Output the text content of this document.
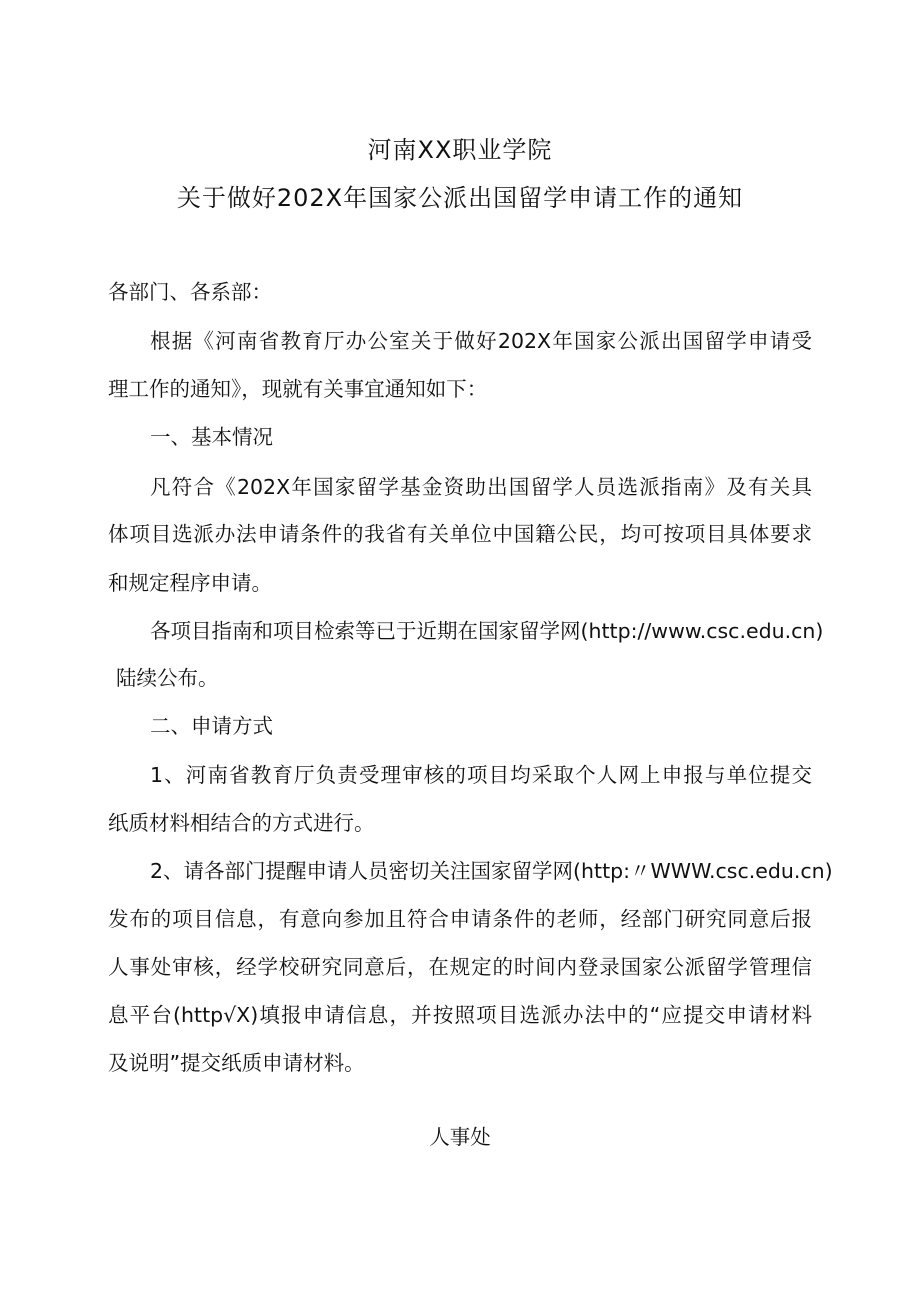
河南XX职业学院
关于做好202X年国家公派出国留学申请工作的通知
各部门、各系部：
根据《河南省教育厅办公室关于做好202X年国家公派出国留学申请受
理工作的通知》，现就有关事宜通知如下：
一、基本情况
凡符合《202X年国家留学基金资助出国留学人员选派指南》及有关具
体项目选派办法申请条件的我省有关单位中国籍公民，均可按项目具体要求
和规定程序申请。
各项目指南和项目检索等已于近期在国家留学网(http://www.csc.edu.cn)
陆续公布。
二、申请方式
1、河南省教育厅负责受理审核的项目均采取个人网上申报与单位提交
纸质材料相结合的方式进行。
2、请各部门提醒申请人员密切关注国家留学网(http:〃WWW.csc.edu.cn)
发布的项目信息，有意向参加且符合申请条件的老师，经部门研究同意后报
人事处审核，经学校研究同意后，在规定的时间内登录国家公派留学管理信
息平台(http√X)填报申请信息，并按照项目选派办法中的“应提交申请材料
及说明”提交纸质申请材料。
人事处
